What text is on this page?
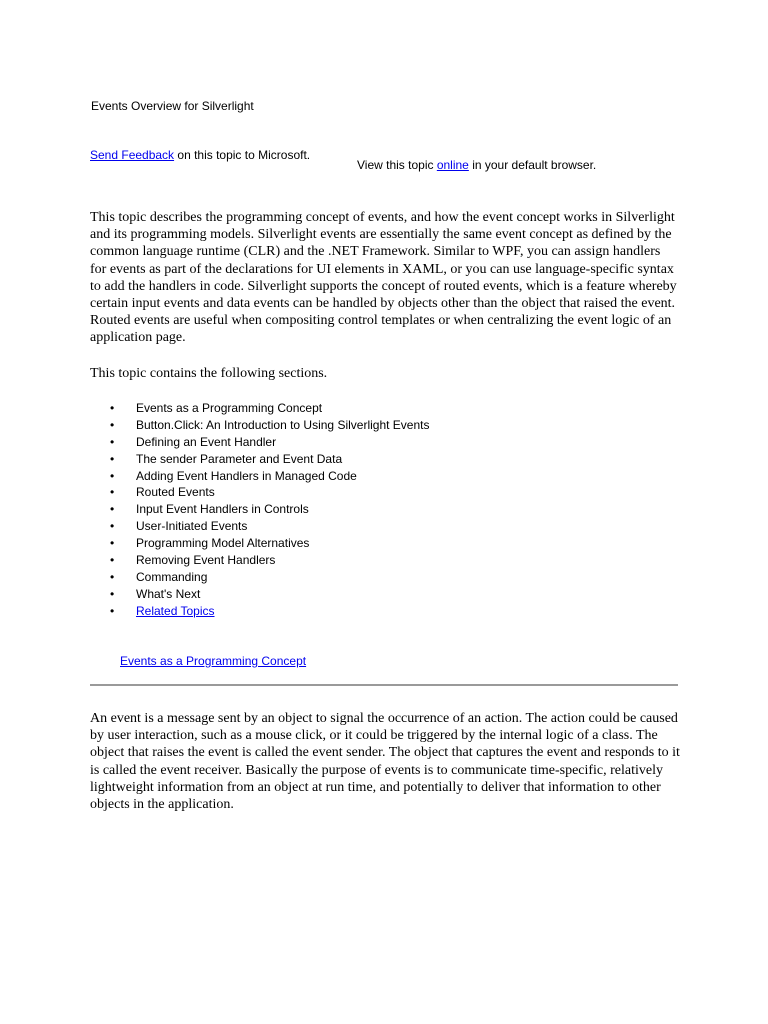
Events Overview for Silverlight
Send Feedback on this topic to Microsoft.
View this topic online in your default browser.

This topic describes the programming concept of events, and how the event concept works in Silverlight and its programming models. Silverlight events are essentially the same event concept as defined by the common language runtime (CLR) and the .NET Framework. Similar to WPF, you can assign handlers for events as part of the declarations for UI elements in XAML, or you can use language-specific syntax to add the handlers in code. Silverlight supports the concept of routed events, which is a feature whereby certain input events and data events can be handled by objects other than the object that raised the event. Routed events are useful when compositing control templates or when centralizing the event logic of an application page.

This topic contains the following sections.

• Events as a Programming Concept
• Button.Click: An Introduction to Using Silverlight Events
• Defining an Event Handler
• The sender Parameter and Event Data
• Adding Event Handlers in Managed Code
• Routed Events
• Input Event Handlers in Controls
• User-Initiated Events
• Programming Model Alternatives
• Removing Event Handlers
• Commanding
• What's Next
• Related Topics
Events as a Programming Concept

An event is a message sent by an object to signal the occurrence of an action. The action could be caused by user interaction, such as a mouse click, or it could be triggered by the internal logic of a class. The object that raises the event is called the event sender. The object that captures the event and responds to it is called the event receiver. Basically the purpose of events is to communicate time-specific, relatively lightweight information from an object at run time, and potentially to deliver that information to other objects in the application.
